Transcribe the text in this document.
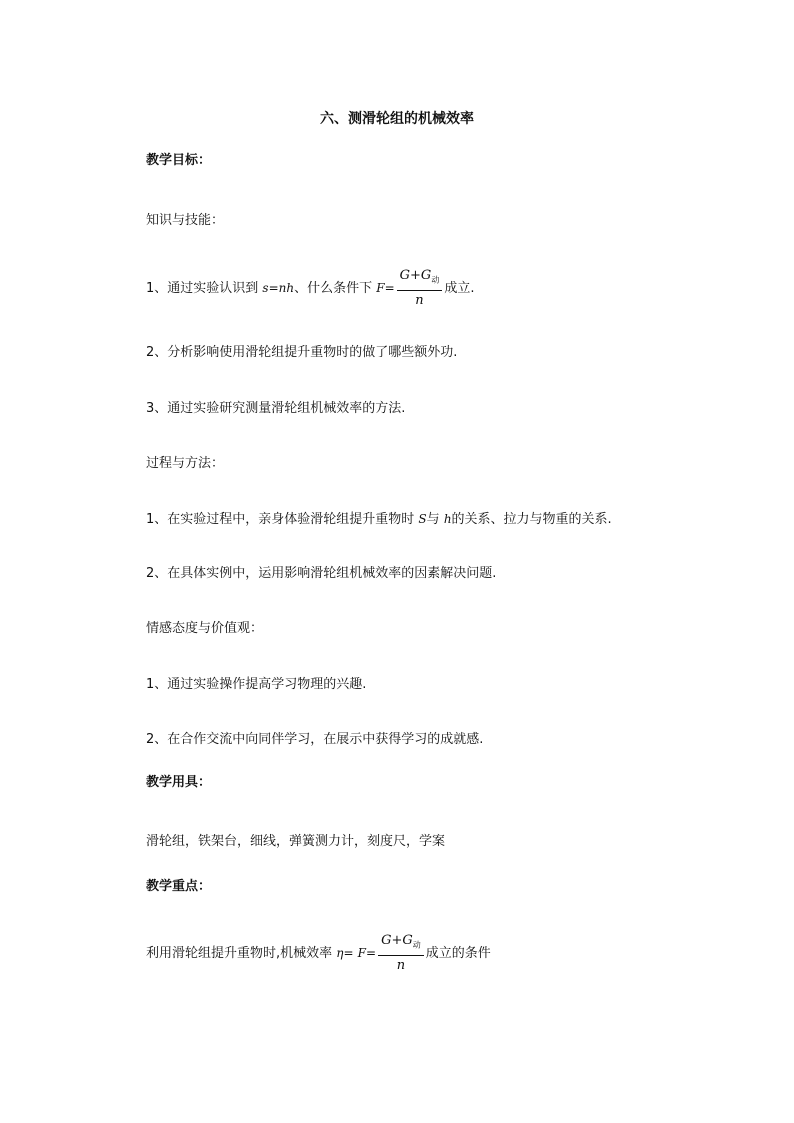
六、测滑轮组的机械效率
教学目标：
知识与技能：
1、通过实验认识到 s=nh、什么条件下 $F= \frac{G+G_动}{n}$ 成立.
2、分析影响使用滑轮组提升重物时的做了哪些额外功.
3、通过实验研究测量滑轮组机械效率的方法.
过程与方法：
1、在实验过程中，亲身体验滑轮组提升重物时 S与 h的关系、拉力与物重的关系.
2、在具体实例中，运用影响滑轮组机械效率的因素解决问题.
情感态度与价值观：
1、通过实验操作提高学习物理的兴趣.
2、在合作交流中向同伴学习，在展示中获得学习的成就感.
教学用具：
滑轮组，铁架台，细线，弹簧测力计，刻度尺，学案
教学重点：
利用滑轮组提升重物时,机械效率 $\eta= F= \frac{G+G_动}{n}$ 成立的条件
